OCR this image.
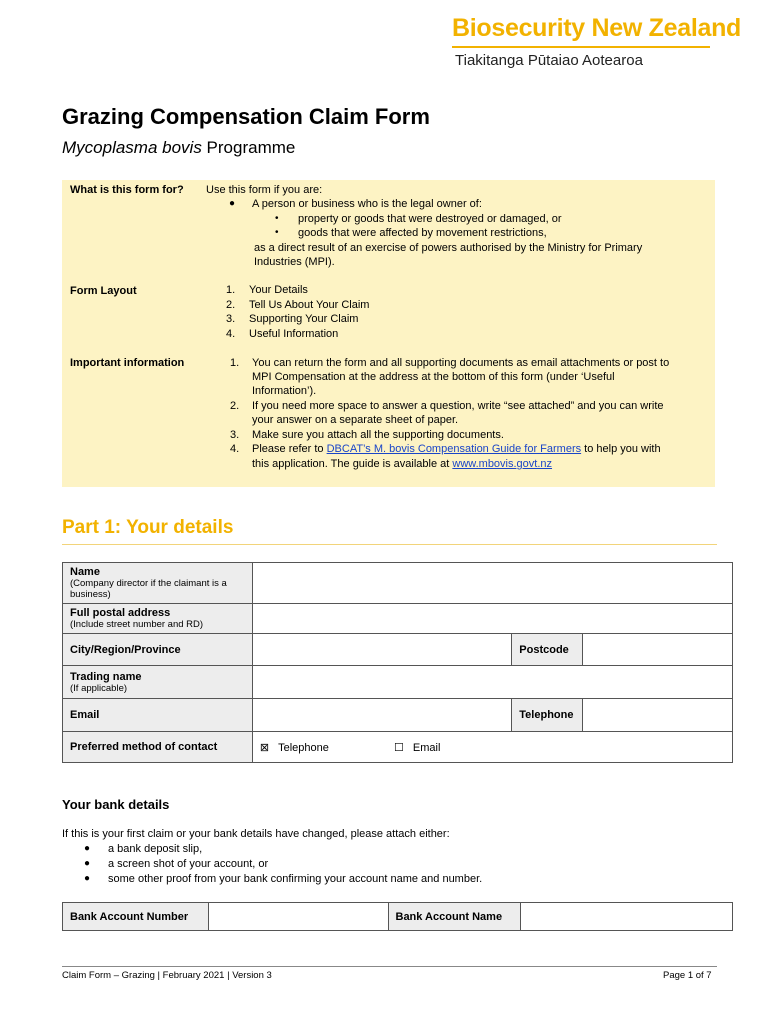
Biosecurity New Zealand
Tiakitanga Pūtaiao Aotearoa
Grazing Compensation Claim Form
Mycoplasma bovis Programme
What is this form for? Use this form if you are:
● A person or business who is the legal owner of:
• property or goods that were destroyed or damaged, or
• goods that were affected by movement restrictions,
as a direct result of an exercise of powers authorised by the Ministry for Primary
Industries (MPI).
Form Layout	1. Your Details
2. Tell Us About Your Claim
3. Supporting Your Claim
4. Useful Information
Important information	1. You can return the form and all supporting documents as email attachments or post to
MPI Compensation at the address at the bottom of this form (under ‘Useful
Information’).
2. If you need more space to answer a question, write “see attached” and you can write
your answer on a separate sheet of paper.
3. Make sure you attach all the supporting documents.
4. Please refer to DBCAT’s M. bovis Compensation Guide for Farmers to help you with
this application. The guide is available at www.mbovis.govt.nz
Part 1: Your details
Name
(Company director if the claimant is a business)			

Full postal address
(Include street number and RD)			

City/Region/Province		Postcode	
Trading name
(If applicable)			

Email		Telephone	
Preferred method of contact	⊠ Telephone ☐ Email		
Your bank details
If this is your first claim or your bank details have changed, please attach either:
● a bank deposit slip,
● a screen shot of your account, or
● some other proof from your bank confirming your account name and number.
Bank Account Number		Bank Account Name	
Claim Form – Grazing | February 2021 | Version 3	Page 1 of 7
